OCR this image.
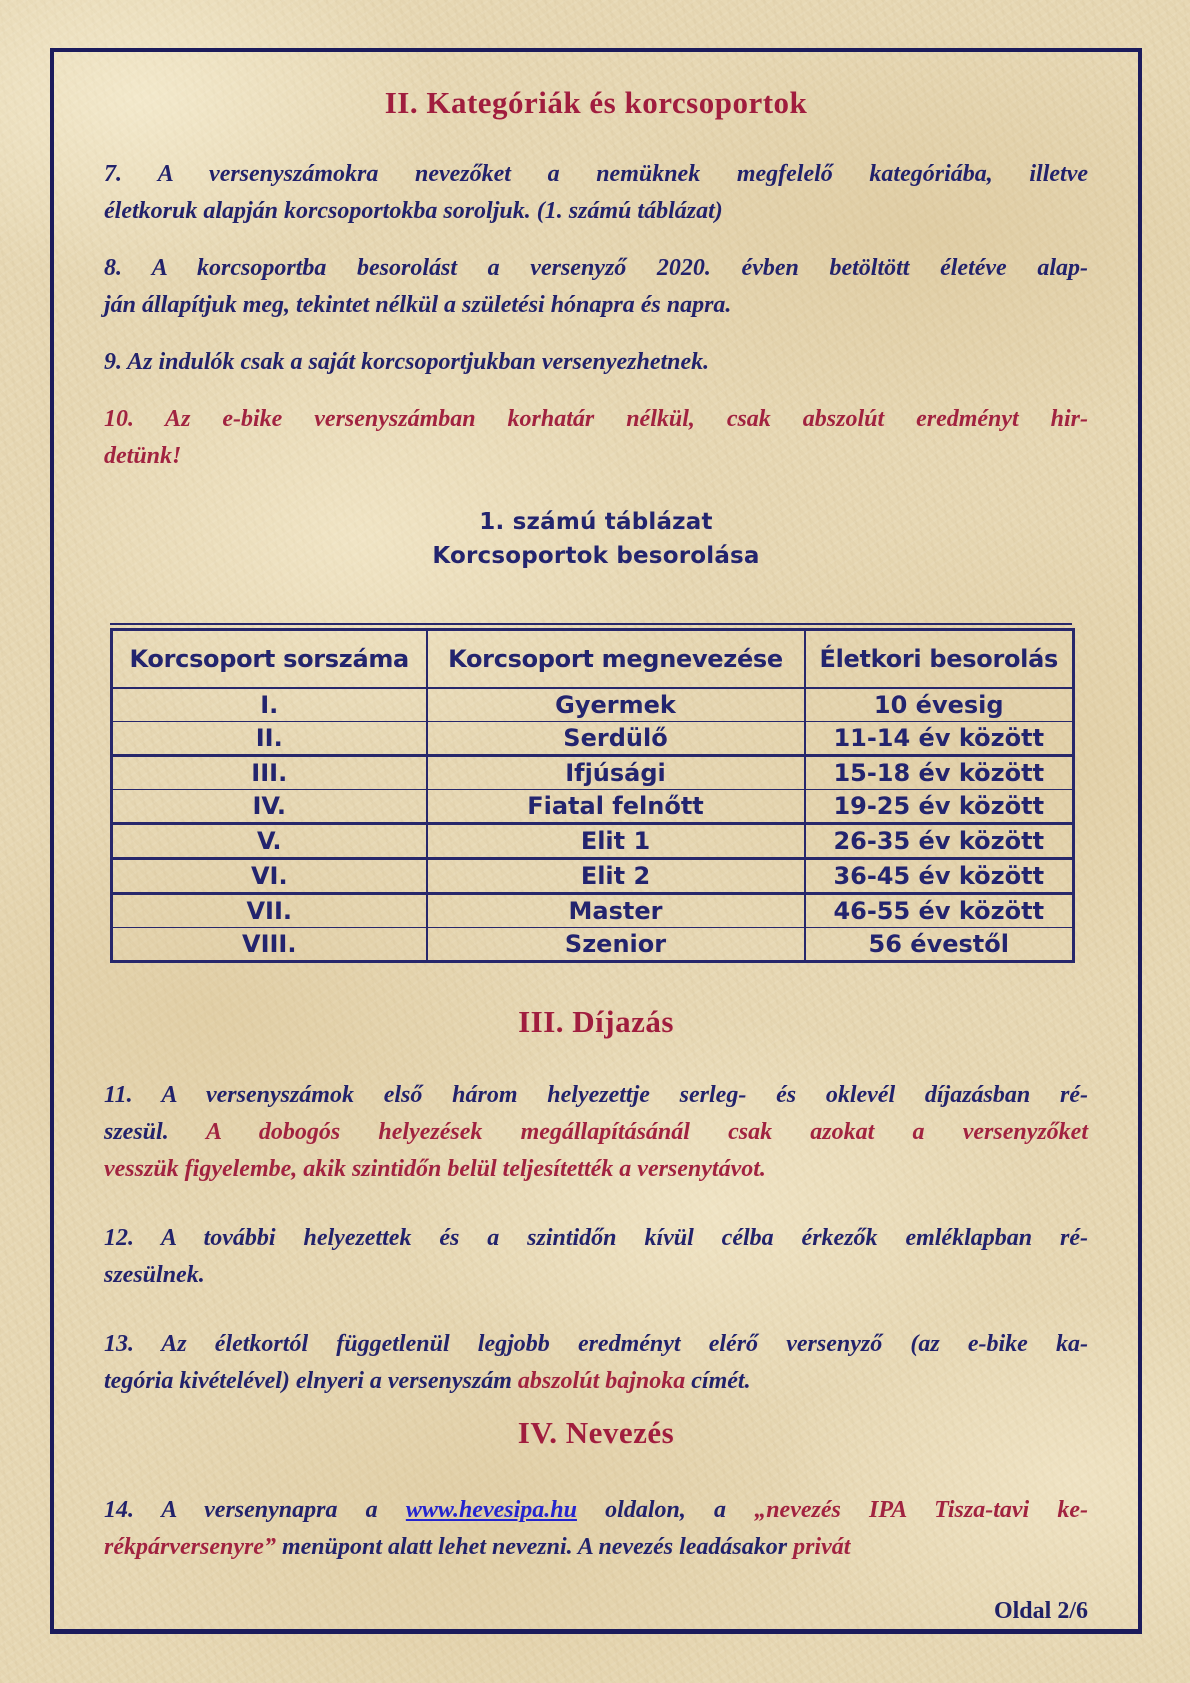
II. Kategóriák és korcsoportok
7. A versenyszámokra nevezőket a nemüknek megfelelő kategóriába, illetve
életkoruk alapján korcsoportokba soroljuk. (1. számú táblázat)
8. A korcsoportba besorolást a versenyző 2020. évben betöltött életéve alap-
ján állapítjuk meg, tekintet nélkül a születési hónapra és napra.
9. Az indulók csak a saját korcsoportjukban versenyezhetnek.
10. Az e-bike versenyszámban korhatár nélkül, csak abszolút eredményt hir-
detünk!
1. számú táblázat
Korcsoportok besorolása
Korcsoport sorszáma	Korcsoport megnevezése	Életkori besorolás
I.	Gyermek	10 évesig
II.	Serdülő	11-14 év között
III.	Ifjúsági	15-18 év között
IV.	Fiatal felnőtt	19-25 év között
V.	Elit 1	26-35 év között
VI.	Elit 2	36-45 év között
VII.	Master	46-55 év között
VIII.	Szenior	56 évestől
III. Díjazás
11. A versenyszámok első három helyezettje serleg- és oklevél díjazásban ré-
szesül. A dobogós helyezések megállapításánál csak azokat a versenyzőket
vesszük figyelembe, akik szintidőn belül teljesítették a versenytávot.
12. A további helyezettek és a szintidőn kívül célba érkezők emléklapban ré-
szesülnek.
13. Az életkortól függetlenül legjobb eredményt elérő versenyző (az e-bike ka-
tegória kivételével) elnyeri a versenyszám abszolút bajnoka címét.
IV. Nevezés
14. A versenynapra a www.hevesipa.hu oldalon, a „nevezés IPA Tisza-tavi ke-
rékpárversenyre” menüpont alatt lehet nevezni. A nevezés leadásakor privát
Oldal 2/6
